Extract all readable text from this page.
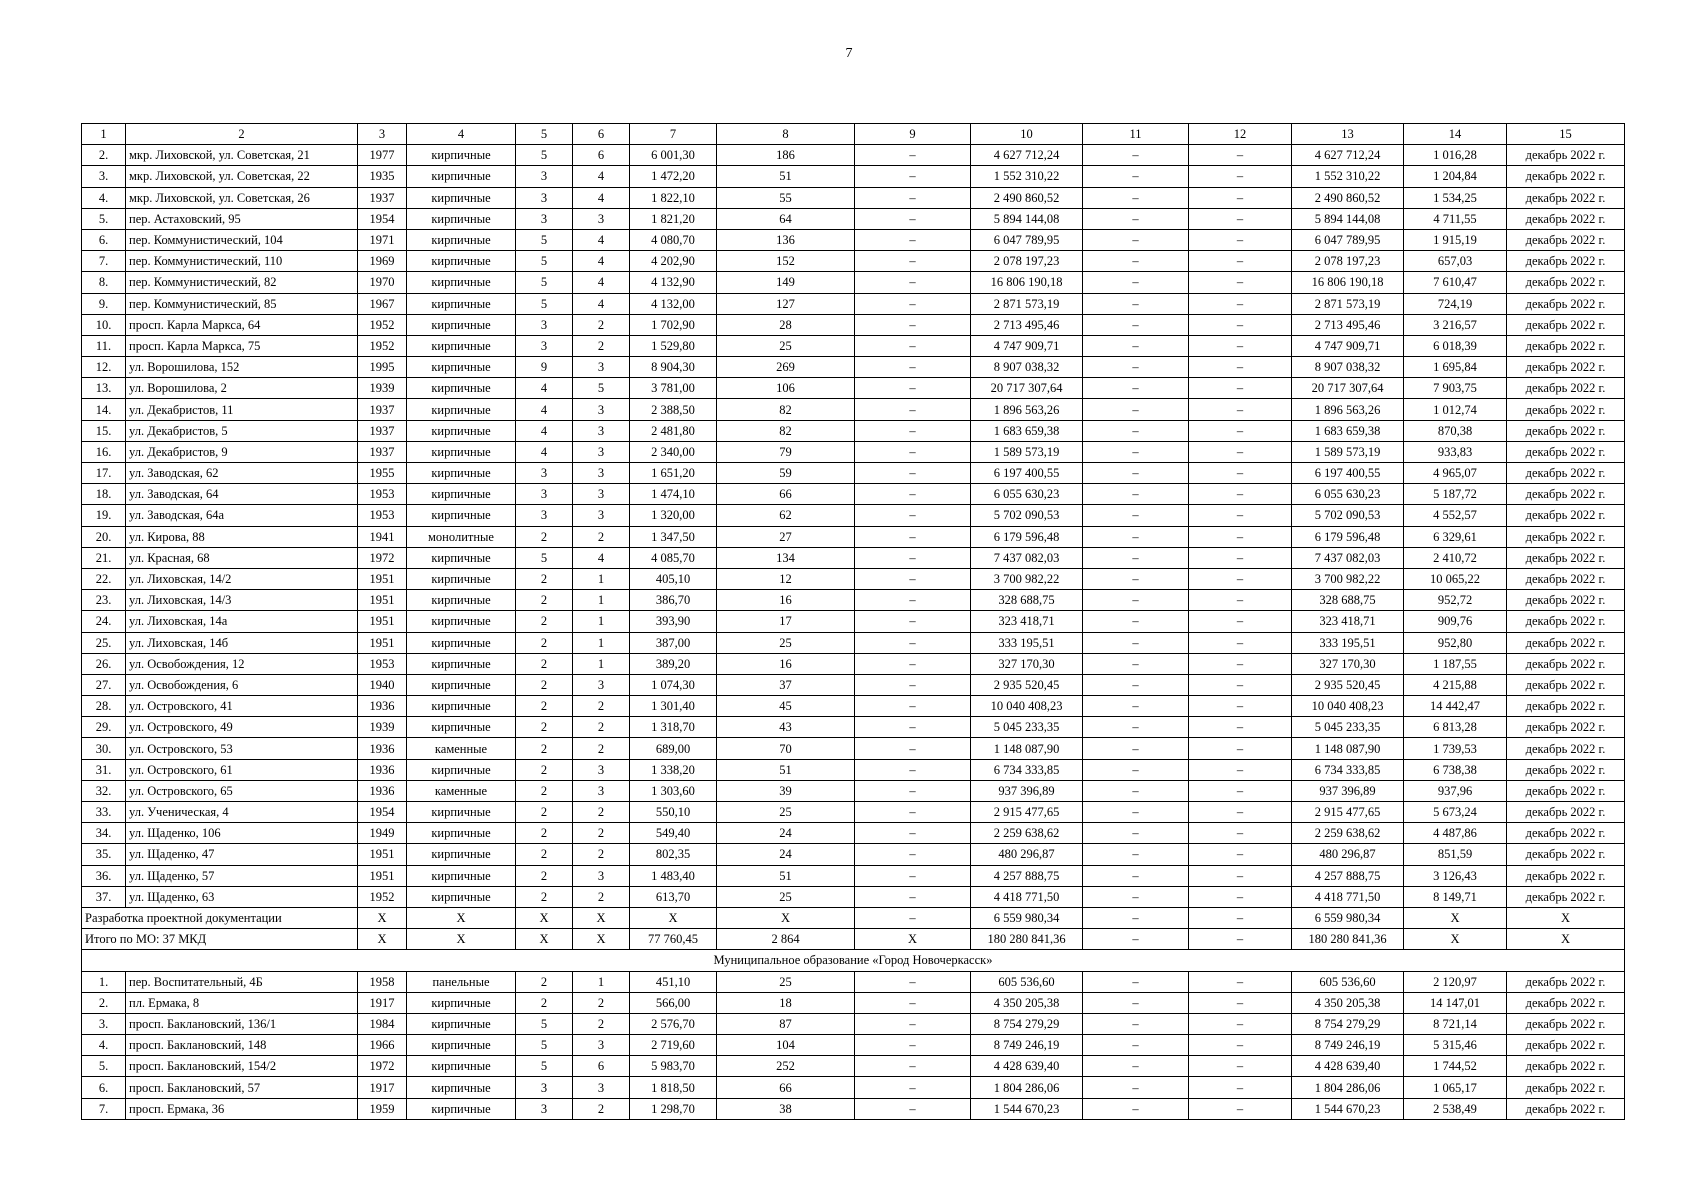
7
1	2	3	4	5	6	7	8	9	10	11	12	13	14	15
2.	мкр. Лиховской, ул. Советская, 21	1977	кирпичные	5	6	6 001,30	186	–	4 627 712,24	–	–	4 627 712,24	1 016,28	декабрь 2022 г.
3.	мкр. Лиховской, ул. Советская, 22	1935	кирпичные	3	4	1 472,20	51	–	1 552 310,22	–	–	1 552 310,22	1 204,84	декабрь 2022 г.
4.	мкр. Лиховской, ул. Советская, 26	1937	кирпичные	3	4	1 822,10	55	–	2 490 860,52	–	–	2 490 860,52	1 534,25	декабрь 2022 г.
5.	пер. Астаховский, 95	1954	кирпичные	3	3	1 821,20	64	–	5 894 144,08	–	–	5 894 144,08	4 711,55	декабрь 2022 г.
6.	пер. Коммунистический, 104	1971	кирпичные	5	4	4 080,70	136	–	6 047 789,95	–	–	6 047 789,95	1 915,19	декабрь 2022 г.
7.	пер. Коммунистический, 110	1969	кирпичные	5	4	4 202,90	152	–	2 078 197,23	–	–	2 078 197,23	657,03	декабрь 2022 г.
8.	пер. Коммунистический, 82	1970	кирпичные	5	4	4 132,90	149	–	16 806 190,18	–	–	16 806 190,18	7 610,47	декабрь 2022 г.
9.	пер. Коммунистический, 85	1967	кирпичные	5	4	4 132,00	127	–	2 871 573,19	–	–	2 871 573,19	724,19	декабрь 2022 г.
10.	просп. Карла Маркса, 64	1952	кирпичные	3	2	1 702,90	28	–	2 713 495,46	–	–	2 713 495,46	3 216,57	декабрь 2022 г.
11.	просп. Карла Маркса, 75	1952	кирпичные	3	2	1 529,80	25	–	4 747 909,71	–	–	4 747 909,71	6 018,39	декабрь 2022 г.
12.	ул. Ворошилова, 152	1995	кирпичные	9	3	8 904,30	269	–	8 907 038,32	–	–	8 907 038,32	1 695,84	декабрь 2022 г.
13.	ул. Ворошилова, 2	1939	кирпичные	4	5	3 781,00	106	–	20 717 307,64	–	–	20 717 307,64	7 903,75	декабрь 2022 г.
14.	ул. Декабристов, 11	1937	кирпичные	4	3	2 388,50	82	–	1 896 563,26	–	–	1 896 563,26	1 012,74	декабрь 2022 г.
15.	ул. Декабристов, 5	1937	кирпичные	4	3	2 481,80	82	–	1 683 659,38	–	–	1 683 659,38	870,38	декабрь 2022 г.
16.	ул. Декабристов, 9	1937	кирпичные	4	3	2 340,00	79	–	1 589 573,19	–	–	1 589 573,19	933,83	декабрь 2022 г.
17.	ул. Заводская, 62	1955	кирпичные	3	3	1 651,20	59	–	6 197 400,55	–	–	6 197 400,55	4 965,07	декабрь 2022 г.
18.	ул. Заводская, 64	1953	кирпичные	3	3	1 474,10	66	–	6 055 630,23	–	–	6 055 630,23	5 187,72	декабрь 2022 г.
19.	ул. Заводская, 64а	1953	кирпичные	3	3	1 320,00	62	–	5 702 090,53	–	–	5 702 090,53	4 552,57	декабрь 2022 г.
20.	ул. Кирова, 88	1941	монолитные	2	2	1 347,50	27	–	6 179 596,48	–	–	6 179 596,48	6 329,61	декабрь 2022 г.
21.	ул. Красная, 68	1972	кирпичные	5	4	4 085,70	134	–	7 437 082,03	–	–	7 437 082,03	2 410,72	декабрь 2022 г.
22.	ул. Лиховская, 14/2	1951	кирпичные	2	1	405,10	12	–	3 700 982,22	–	–	3 700 982,22	10 065,22	декабрь 2022 г.
23.	ул. Лиховская, 14/3	1951	кирпичные	2	1	386,70	16	–	328 688,75	–	–	328 688,75	952,72	декабрь 2022 г.
24.	ул. Лиховская, 14а	1951	кирпичные	2	1	393,90	17	–	323 418,71	–	–	323 418,71	909,76	декабрь 2022 г.
25.	ул. Лиховская, 14б	1951	кирпичные	2	1	387,00	25	–	333 195,51	–	–	333 195,51	952,80	декабрь 2022 г.
26.	ул. Освобождения, 12	1953	кирпичные	2	1	389,20	16	–	327 170,30	–	–	327 170,30	1 187,55	декабрь 2022 г.
27.	ул. Освобождения, 6	1940	кирпичные	2	3	1 074,30	37	–	2 935 520,45	–	–	2 935 520,45	4 215,88	декабрь 2022 г.
28.	ул. Островского, 41	1936	кирпичные	2	2	1 301,40	45	–	10 040 408,23	–	–	10 040 408,23	14 442,47	декабрь 2022 г.
29.	ул. Островского, 49	1939	кирпичные	2	2	1 318,70	43	–	5 045 233,35	–	–	5 045 233,35	6 813,28	декабрь 2022 г.
30.	ул. Островского, 53	1936	каменные	2	2	689,00	70	–	1 148 087,90	–	–	1 148 087,90	1 739,53	декабрь 2022 г.
31.	ул. Островского, 61	1936	кирпичные	2	3	1 338,20	51	–	6 734 333,85	–	–	6 734 333,85	6 738,38	декабрь 2022 г.
32.	ул. Островского, 65	1936	каменные	2	3	1 303,60	39	–	937 396,89	–	–	937 396,89	937,96	декабрь 2022 г.
33.	ул. Ученическая, 4	1954	кирпичные	2	2	550,10	25	–	2 915 477,65	–	–	2 915 477,65	5 673,24	декабрь 2022 г.
34.	ул. Щаденко, 106	1949	кирпичные	2	2	549,40	24	–	2 259 638,62	–	–	2 259 638,62	4 487,86	декабрь 2022 г.
35.	ул. Щаденко, 47	1951	кирпичные	2	2	802,35	24	–	480 296,87	–	–	480 296,87	851,59	декабрь 2022 г.
36.	ул. Щаденко, 57	1951	кирпичные	2	3	1 483,40	51	–	4 257 888,75	–	–	4 257 888,75	3 126,43	декабрь 2022 г.
37.	ул. Щаденко, 63	1952	кирпичные	2	2	613,70	25	–	4 418 771,50	–	–	4 418 771,50	8 149,71	декабрь 2022 г.
Разработка проектной документации		X	X	X	X	X	X	–	6 559 980,34	–	–	6 559 980,34	X	X
Итого по МО: 37 МКД		X	X	X	X	77 760,45	2 864	X	180 280 841,36	–	–	180 280 841,36	X	X
Муниципальное образование «Город Новочеркасск»														
1.	пер. Воспитательный, 4Б	1958	панельные	2	1	451,10	25	–	605 536,60	–	–	605 536,60	2 120,97	декабрь 2022 г.
2.	пл. Ермака, 8	1917	кирпичные	2	2	566,00	18	–	4 350 205,38	–	–	4 350 205,38	14 147,01	декабрь 2022 г.
3.	просп. Баклановский, 136/1	1984	кирпичные	5	2	2 576,70	87	–	8 754 279,29	–	–	8 754 279,29	8 721,14	декабрь 2022 г.
4.	просп. Баклановский, 148	1966	кирпичные	5	3	2 719,60	104	–	8 749 246,19	–	–	8 749 246,19	5 315,46	декабрь 2022 г.
5.	просп. Баклановский, 154/2	1972	кирпичные	5	6	5 983,70	252	–	4 428 639,40	–	–	4 428 639,40	1 744,52	декабрь 2022 г.
6.	просп. Баклановский, 57	1917	кирпичные	3	3	1 818,50	66	–	1 804 286,06	–	–	1 804 286,06	1 065,17	декабрь 2022 г.
7.	просп. Ермака, 36	1959	кирпичные	3	2	1 298,70	38	–	1 544 670,23	–	–	1 544 670,23	2 538,49	декабрь 2022 г.
